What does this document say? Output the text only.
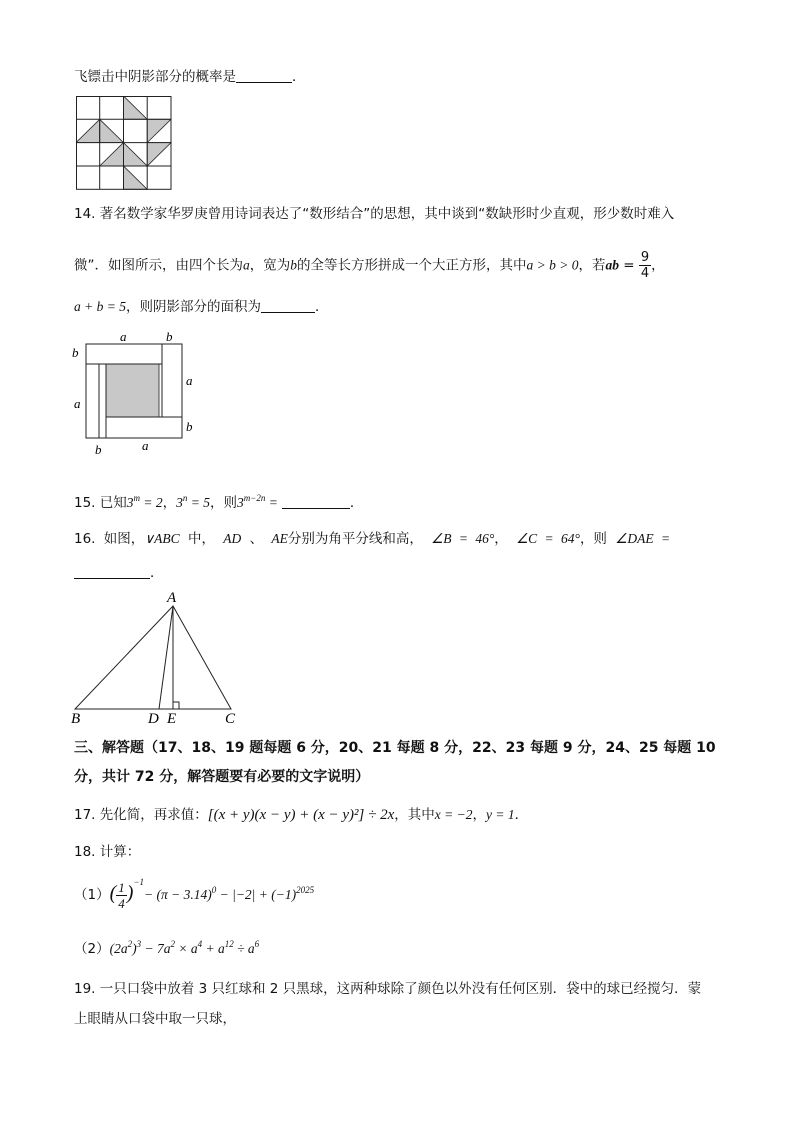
飞镖击中阴影部分的概率是	．
14. 著名数学家华罗庚曾用诗词表达了“数形结合”的思想，其中谈到“数缺形时少直观，形少数时难入
微”．如图所示，由四个长为a，宽为b的全等长方形拼成一个大正方形，其中a > b > 0，若ab = $\frac{9}{4}$ ，
a + b = 5，则阴影部分的面积为	．
a	b
b
a
a
b
b	a
15. 已知$3^m = 2$，$3^n = 5$，则$3^{m-2n}$ =	．
16. 如图，∨ABC 中， AD 、 AE分别为角平分线和高， ∠B = 46°， ∠C = 64°，则 ∠DAE =
．
A
B	D E	C
三、解答题（17、18、19 题每题 6 分，20、21 每题 8 分，22、23 每题 9 分，24、25 每题 10
分，共计 72 分，解答题要有必要的文字说明）
17. 先化简，再求值：[(x + y)(x − y) + (x − y)²] ÷ 2x，其中x = −2，y = 1．
18. 计算：
$(1)( \frac{1}{4} )^{-1}- (\pi - 3.14)^0 - |-2| + (-1)^{2025}$
$(2)(2a^2)^3 - 7a^2 \times a^4 + a^{12} \div a^6$
19. 一只口袋中放着 3 只红球和 2 只黑球，这两种球除了颜色以外没有任何区别．袋中的球已经搅匀．蒙
上眼睛从口袋中取一只球，
